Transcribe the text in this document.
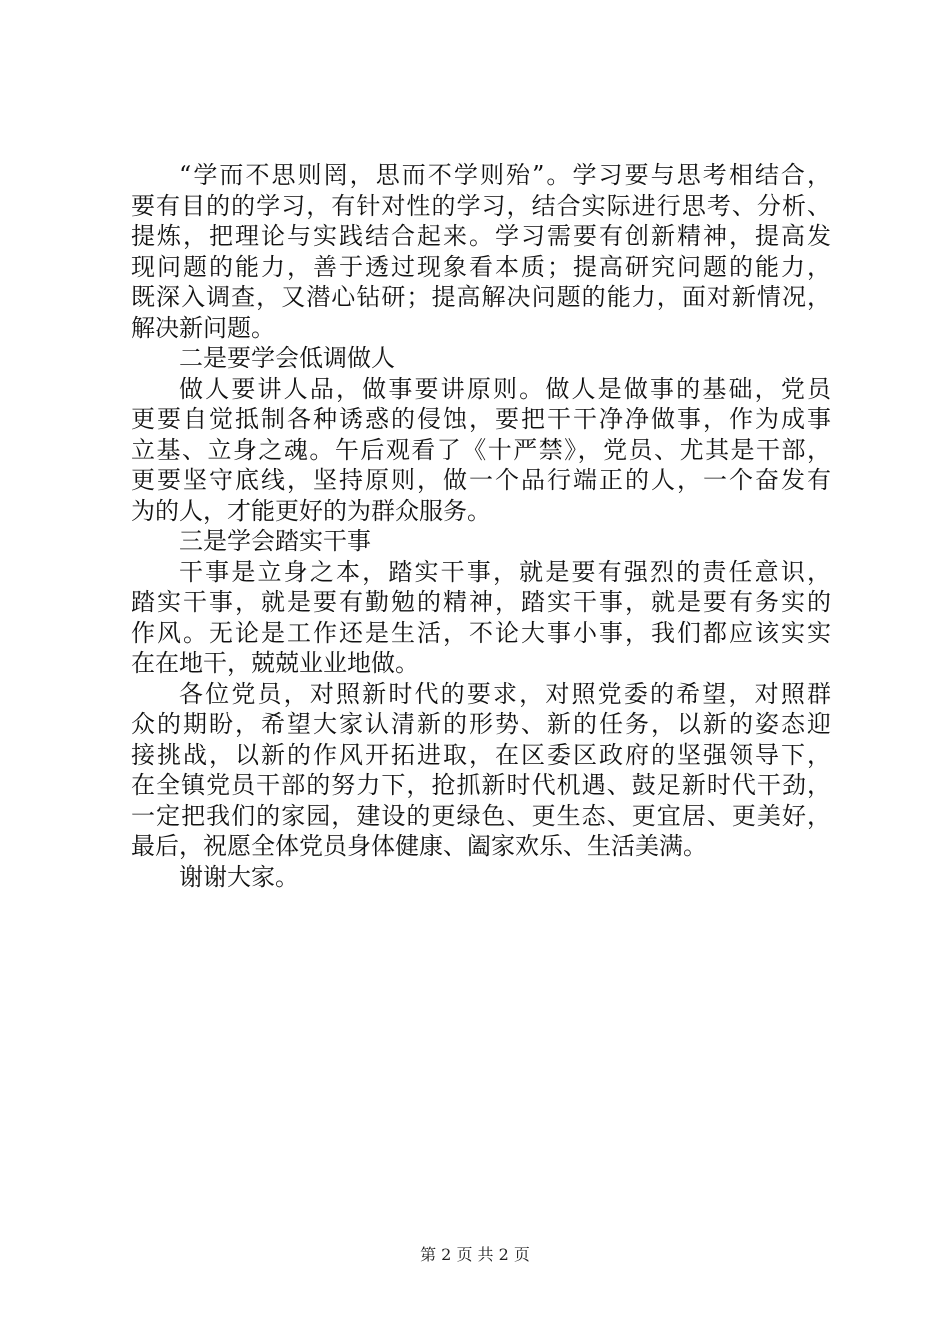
“学而不思则罔，思而不学则殆”。学习要与思考相结合，
要有目的的学习，有针对性的学习，结合实际进行思考、分析、
提炼，把理论与实践结合起来。学习需要有创新精神，提高发
现问题的能力，善于透过现象看本质；提高研究问题的能力，
既深入调查，又潜心钻研；提高解决问题的能力，面对新情况，
解决新问题。
二是要学会低调做人
做人要讲人品，做事要讲原则。做人是做事的基础，党员
更要自觉抵制各种诱惑的侵蚀，要把干干净净做事，作为成事
立基、立身之魂。午后观看了《十严禁》，党员、尤其是干部，
更要坚守底线，坚持原则，做一个品行端正的人，一个奋发有
为的人，才能更好的为群众服务。
三是学会踏实干事
干事是立身之本，踏实干事，就是要有强烈的责任意识，
踏实干事，就是要有勤勉的精神，踏实干事，就是要有务实的
作风。无论是工作还是生活，不论大事小事，我们都应该实实
在在地干，兢兢业业地做。
各位党员，对照新时代的要求，对照党委的希望，对照群
众的期盼，希望大家认清新的形势、新的任务，以新的姿态迎
接挑战，以新的作风开拓进取，在区委区政府的坚强领导下，
在全镇党员干部的努力下，抢抓新时代机遇、鼓足新时代干劲，
一定把我们的家园，建设的更绿色、更生态、更宜居、更美好，
最后，祝愿全体党员身体健康、阖家欢乐、生活美满。
谢谢大家。
第 2 页 共 2 页
